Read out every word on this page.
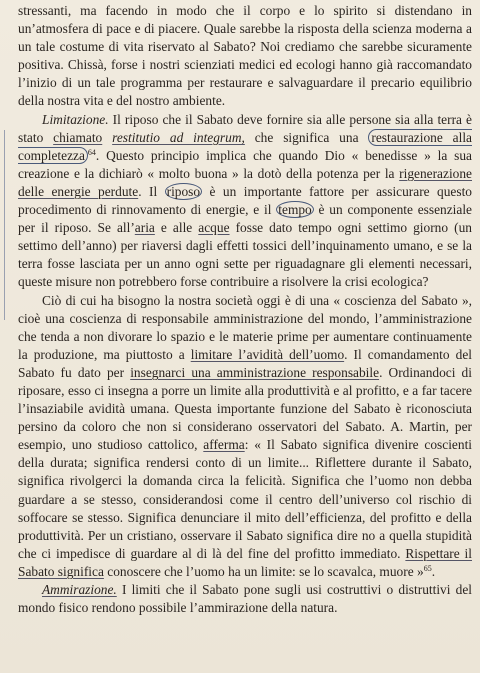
stressanti, ma facendo in modo che il corpo e lo spirito si distendano in un’atmosfera di pace e di piacere. Quale sarebbe la risposta della scienza moderna a un tale costume di vita riservato al Sabato? Noi crediamo che sarebbe sicuramente positiva. Chissà, forse i nostri scienziati medici ed ecologi hanno già raccomandato l’inizio di un tale programma per restaurare e salvaguardare il precario equilibrio della nostra vita e del nostro ambiente.

Limitazione. Il riposo che il Sabato deve fornire sia alle persone sia alla terra è stato chiamato restitutio ad integrum, che significa una restaurazione alla completezza $^{64}$. Questo principio implica che quando Dio « benedisse » la sua creazione e la dichiarò « molto buona » la dotò della potenza per la rigenerazione delle energie perdute. Il riposo è un importante fattore per assicurare questo procedimento di rinnovamento di energie, e il tempo è un componente essenziale per il riposo. Se all’aria e alle acque fosse dato tempo ogni settimo giorno (un settimo dell’anno) per riaversi dagli effetti tossici dell’inquinamento umano, e se la terra fosse lasciata per un anno ogni sette per riguadagnare gli elementi necessari, queste misure non potrebbero forse contribuire a risolvere la crisi ecologica?

Ciò di cui ha bisogno la nostra società oggi è di una « coscienza del Sabato », cioè una coscienza di responsabile amministrazione del mondo, l’amministrazione che tenda a non divorare lo spazio e le materie prime per aumentare continuamente la produzione, ma piuttosto a limitare l’avidità dell’uomo. Il comandamento del Sabato fu dato per insegnarci una amministrazione responsabile. Ordinandoci di riposare, esso ci insegna a porre un limite alla produttività e al profitto, e a far tacere l’insaziabile avidità umana. Questa importante funzione del Sabato è riconosciuta persino da coloro che non si considerano osservatori del Sabato. A. Martin, per esempio, uno studioso cattolico, afferma: « Il Sabato significa divenire coscienti della durata; significa rendersi conto di un limite... Riflettere durante il Sabato, significa rivolgerci la domanda circa la felicità. Significa che l’uomo non debba guardare a se stesso, considerandosi come il centro dell’universo col rischio di soffocare se stesso. Significa denunciare il mito dell’efficienza, del profitto e della produttività. Per un cristiano, osservare il Sabato significa dire no a quella stupidità che ci impedisce di guardare al di là del fine del profitto immediato. Rispettare il Sabato significa conoscere che l’uomo ha un limite: se lo scavalca, muore »$^{65}$.

Ammirazione. I limiti che il Sabato pone sugli usi costruttivi o distruttivi del mondo fisico rendono possibile l’ammirazione della natura.
